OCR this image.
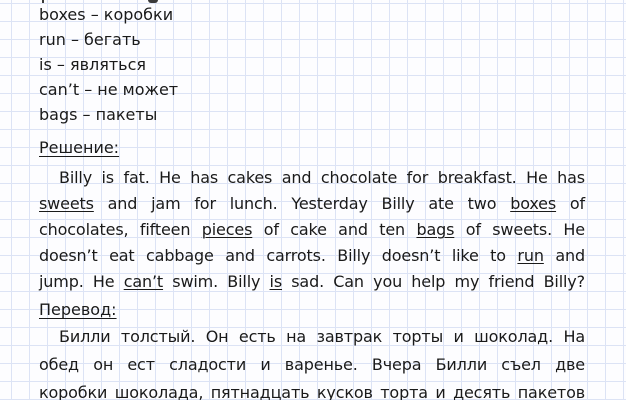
boxes – коробки
run – бегать
is – являться
can’t – не может
bags – пакеты
Решение:
Billy is fat. He has cakes and chocolate for breakfast. He has
sweets and jam for lunch. Yesterday Billy ate two boxes of
chocolates, fifteen pieces of cake and ten bags of sweets. He
doesn’t eat cabbage and carrots. Billy doesn’t like to run and
jump. He can’t swim. Billy is sad. Can you help my friend Billy?
Перевод:
Билли толстый. Он есть на завтрак торты и шоколад. На
обед он ест сладости и варенье. Вчера Билли съел две
коробки шоколада, пятнадцать кусков торта и десять пакетов
